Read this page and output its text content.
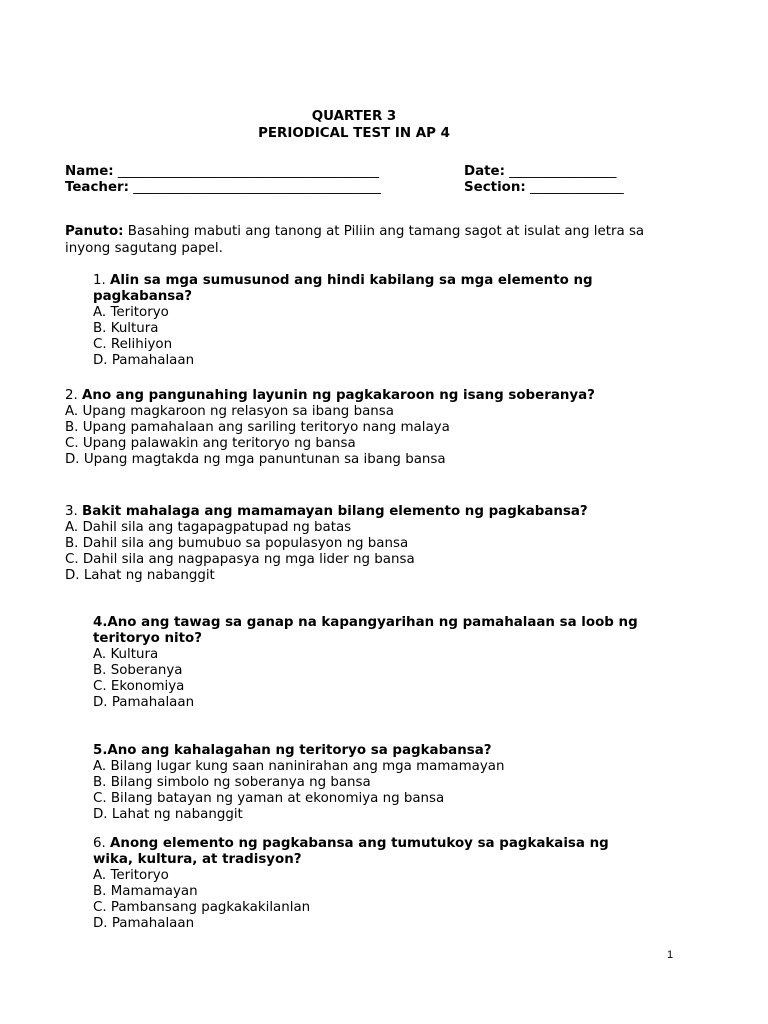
QUARTER 3
PERIODICAL TEST IN AP 4
Name: _______________________________________	Date: ________________
Teacher: _____________________________________	Section: ______________
Panuto: Basahing mabuti ang tanong at Piliin ang tamang sagot at isulat ang letra sa inyong sagutang papel.
1. Alin sa mga sumusunod ang hindi kabilang sa mga elemento ng pagkabansa?
A. Teritoryo
B. Kultura
C. Relihiyon
D. Pamahalaan
2. Ano ang pangunahing layunin ng pagkakaroon ng isang soberanya?
A. Upang magkaroon ng relasyon sa ibang bansa
B. Upang pamahalaan ang sariling teritoryo nang malaya
C. Upang palawakin ang teritoryo ng bansa
D. Upang magtakda ng mga panuntunan sa ibang bansa
3. Bakit mahalaga ang mamamayan bilang elemento ng pagkabansa?
A. Dahil sila ang tagapagpatupad ng batas
B. Dahil sila ang bumubuo sa populasyon ng bansa
C. Dahil sila ang nagpapasya ng mga lider ng bansa
D. Lahat ng nabanggit
4.Ano ang tawag sa ganap na kapangyarihan ng pamahalaan sa loob ng teritoryo nito?
A. Kultura
B. Soberanya
C. Ekonomiya
D. Pamahalaan
5.Ano ang kahalagahan ng teritoryo sa pagkabansa?
A. Bilang lugar kung saan naninirahan ang mga mamamayan
B. Bilang simbolo ng soberanya ng bansa
C. Bilang batayan ng yaman at ekonomiya ng bansa
D. Lahat ng nabanggit
6. Anong elemento ng pagkabansa ang tumutukoy sa pagkakaisa ng wika, kultura, at tradisyon?
A. Teritoryo
B. Mamamayan
C. Pambansang pagkakakilanlan
D. Pamahalaan
1
